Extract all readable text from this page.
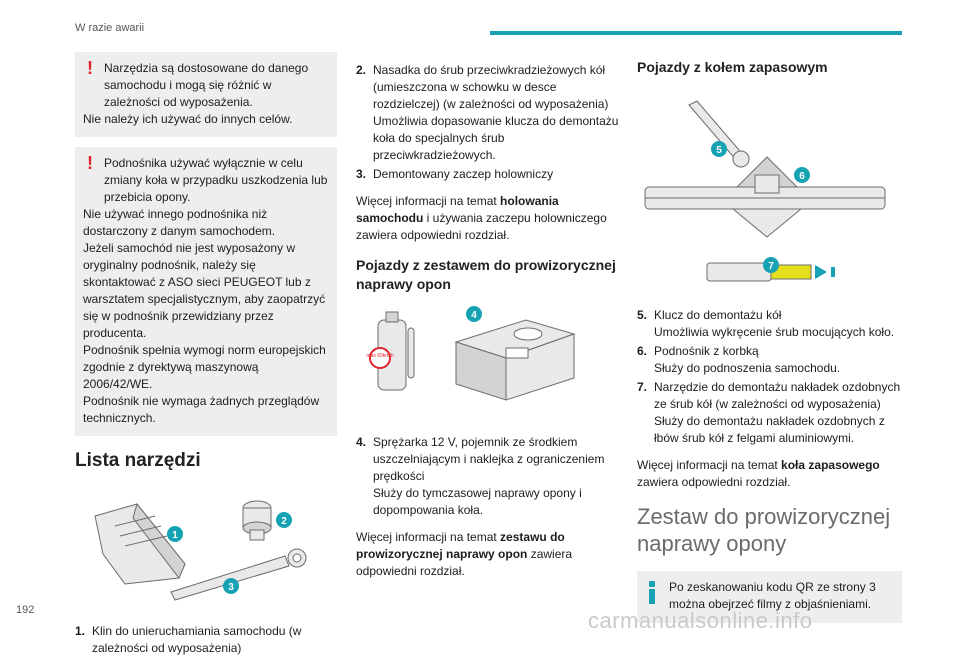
W razie awarii
! Narzędzia są dostosowane do danego samochodu i mogą się różnić w zależności od wyposażenia.

Nie należy ich używać do innych celów.

! Podnośnika używać wyłącznie w celu zmiany koła w przypadku uszkodzenia lub przebicia opony.

Nie używać innego podnośnika niż dostarczony z danym samochodem.

Jeżeli samochód nie jest wyposażony w oryginalny podnośnik, należy się skontaktować z ASO sieci PEUGEOT lub z warsztatem specjalistycznym, aby zaopatrzyć się w podnośnik przewidziany przez producenta.

Podnośnik spełnia wymogi norm europejskich zgodnie z dyrektywą maszynową 2006/42/WE.

Podnośnik nie wymaga żadnych przeglądów technicznych.

Lista narzędzi
1
2
3
1. Klin do unieruchamiania samochodu (w zależności od wyposażenia)
2. Nasadka do śrub przeciwkradzieżowych kół (umieszczona w schowku w desce rozdzielczej) (w zależności od wyposażenia)
Umożliwia dopasowanie klucza do demontażu koła do specjalnych śrub przeciwkradzieżowych.
3. Demontowany zaczep holowniczy

Więcej informacji na temat holowania samochodu i używania zaczepu holowniczego zawiera odpowiedni rozdział.

Pojazdy z zestawem do prowizorycznej naprawy opon
max 60km/h
4
4. Sprężarka 12 V, pojemnik ze środkiem uszczelniającym i naklejka z ograniczeniem prędkości
Służy do tymczasowej naprawy opony i dopompowania koła.

Więcej informacji na temat zestawu do prowizorycznej naprawy opon zawiera odpowiedni rozdział.

Pojazdy z kołem zapasowym
5
6
7
5. Klucz do demontażu kół
Umożliwia wykręcenie śrub mocujących koło.
6. Podnośnik z korbką
Służy do podnoszenia samochodu.
7. Narzędzie do demontażu nakładek ozdobnych ze śrub kół (w zależności od wyposażenia)
Służy do demontażu nakładek ozdobnych z łbów śrub kół z felgami aluminiowymi.

Więcej informacji na temat koła zapasowego zawiera odpowiedni rozdział.

Zestaw do prowizorycznej naprawy opony

Po zeskanowaniu kodu QR ze strony 3 można obejrzeć filmy z objaśnieniami.

192	carmanualsonline.info
